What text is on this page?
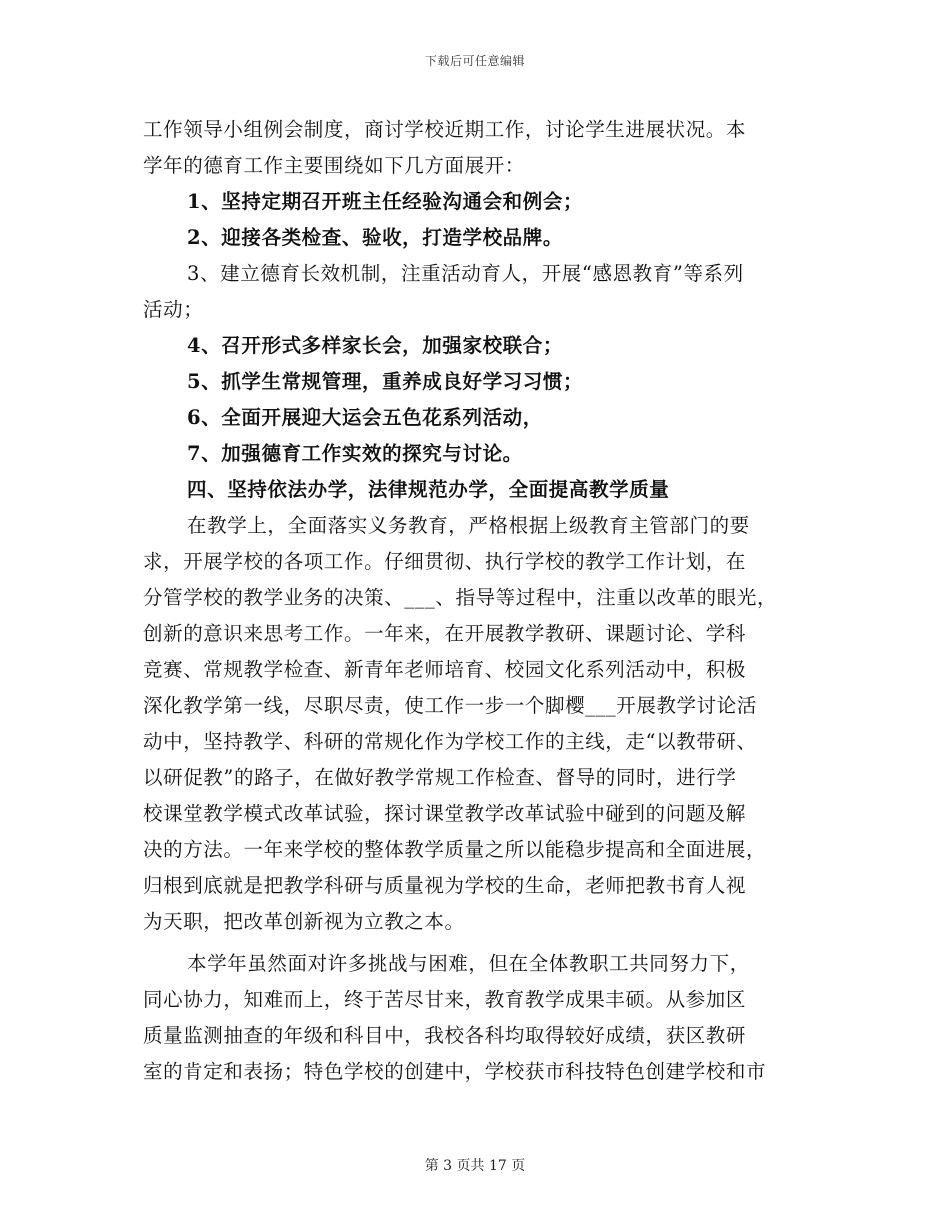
下载后可任意编辑
工作领导小组例会制度，商讨学校近期工作，讨论学生进展状况。本
学年的德育工作主要围绕如下几方面展开：
1、坚持定期召开班主任经验沟通会和例会；
2、迎接各类检查、验收，打造学校品牌。
3、建立德育长效机制，注重活动育人，开展“感恩教育”等系列
活动；
4、召开形式多样家长会，加强家校联合；
5、抓学生常规管理，重养成良好学习习惯；
6、全面开展迎大运会五色花系列活动，
7、加强德育工作实效的探究与讨论。
四、坚持依法办学，法律规范办学，全面提高教学质量
在教学上，全面落实义务教育，严格根据上级教育主管部门的要
求，开展学校的各项工作。仔细贯彻、执行学校的教学工作计划，在
分管学校的教学业务的决策、___、指导等过程中，注重以改革的眼光，
创新的意识来思考工作。一年来，在开展教学教研、课题讨论、学科
竞赛、常规教学检查、新青年老师培育、校园文化系列活动中，积极
深化教学第一线，尽职尽责，使工作一步一个脚樱___开展教学讨论活
动中，坚持教学、科研的常规化作为学校工作的主线，走“以教带研、
以研促教”的路子，在做好教学常规工作检查、督导的同时，进行学
校课堂教学模式改革试验，探讨课堂教学改革试验中碰到的问题及解
决的方法。一年来学校的整体教学质量之所以能稳步提高和全面进展，
归根到底就是把教学科研与质量视为学校的生命，老师把教书育人视
为天职，把改革创新视为立教之本。
本学年虽然面对许多挑战与困难，但在全体教职工共同努力下，
同心协力，知难而上，终于苦尽甘来，教育教学成果丰硕。从参加区
质量监测抽查的年级和科目中，我校各科均取得较好成绩，获区教研
室的肯定和表扬；特色学校的创建中，学校获市科技特色创建学校和市
第 3 页共 17 页
